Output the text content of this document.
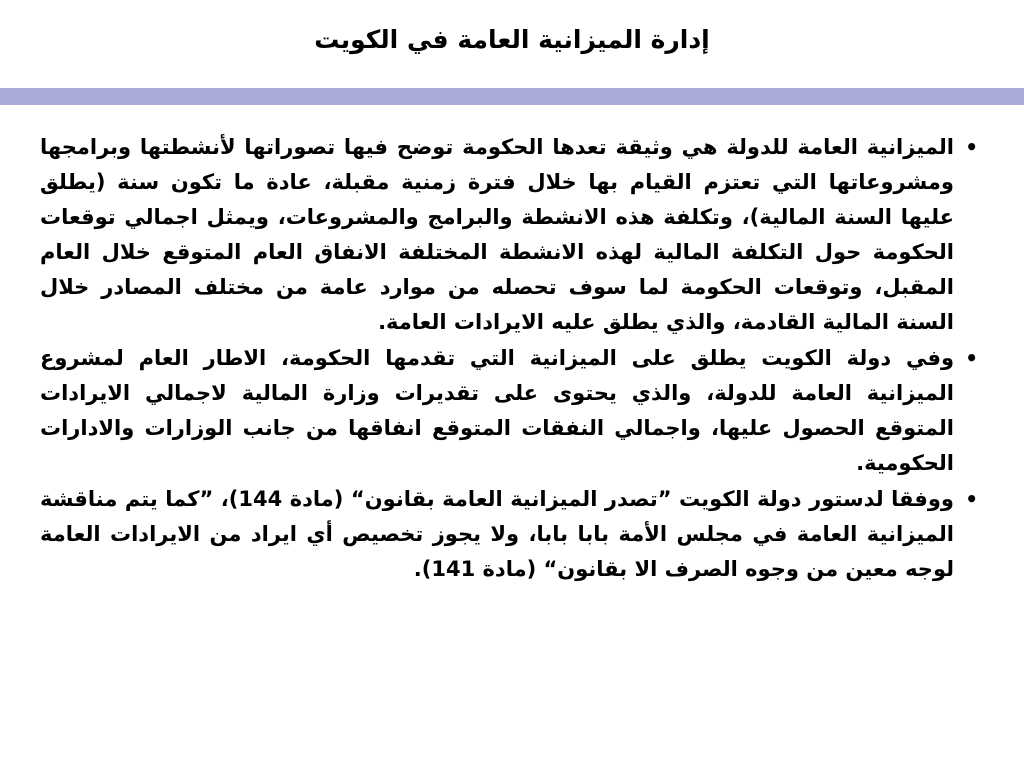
إدارة الميزانية العامة في الكويت
•
الميزانية العامة للدولة هي وثيقة تعدها الحكومة توضح فيها تصوراتها لأنشطتها وبرامجها ومشروعاتها التي تعتزم القيام بها خلال فترة زمنية مقبلة، عادة ما تكون سنة (يطلق عليها السنة المالية)، وتكلفة هذه الانشطة والبرامج والمشروعات، ويمثل اجمالي توقعات الحكومة حول التكلفة المالية لهذه الانشطة المختلفة الانفاق العام المتوقع خلال العام المقبل، وتوقعات الحكومة لما سوف تحصله من موارد عامة من مختلف المصادر خلال السنة المالية القادمة، والذي يطلق عليه الايرادات العامة.
•
وفي دولة الكويت يطلق على الميزانية التي تقدمها الحكومة، الاطار العام لمشروع الميزانية العامة للدولة، والذي يحتوى على تقديرات وزارة المالية لاجمالي الايرادات المتوقع الحصول عليها، واجمالي النفقات المتوقع انفاقها من جانب الوزارات والادارات الحكومية.
•
ووفقا لدستور دولة الكويت ”تصدر الميزانية العامة بقانون“ (مادة 144)، ”كما يتم مناقشة الميزانية العامة في مجلس الأمة بابا بابا، ولا يجوز تخصيص أي ايراد من الايرادات العامة لوجه معين من وجوه الصرف الا بقانون“ (مادة 141).
